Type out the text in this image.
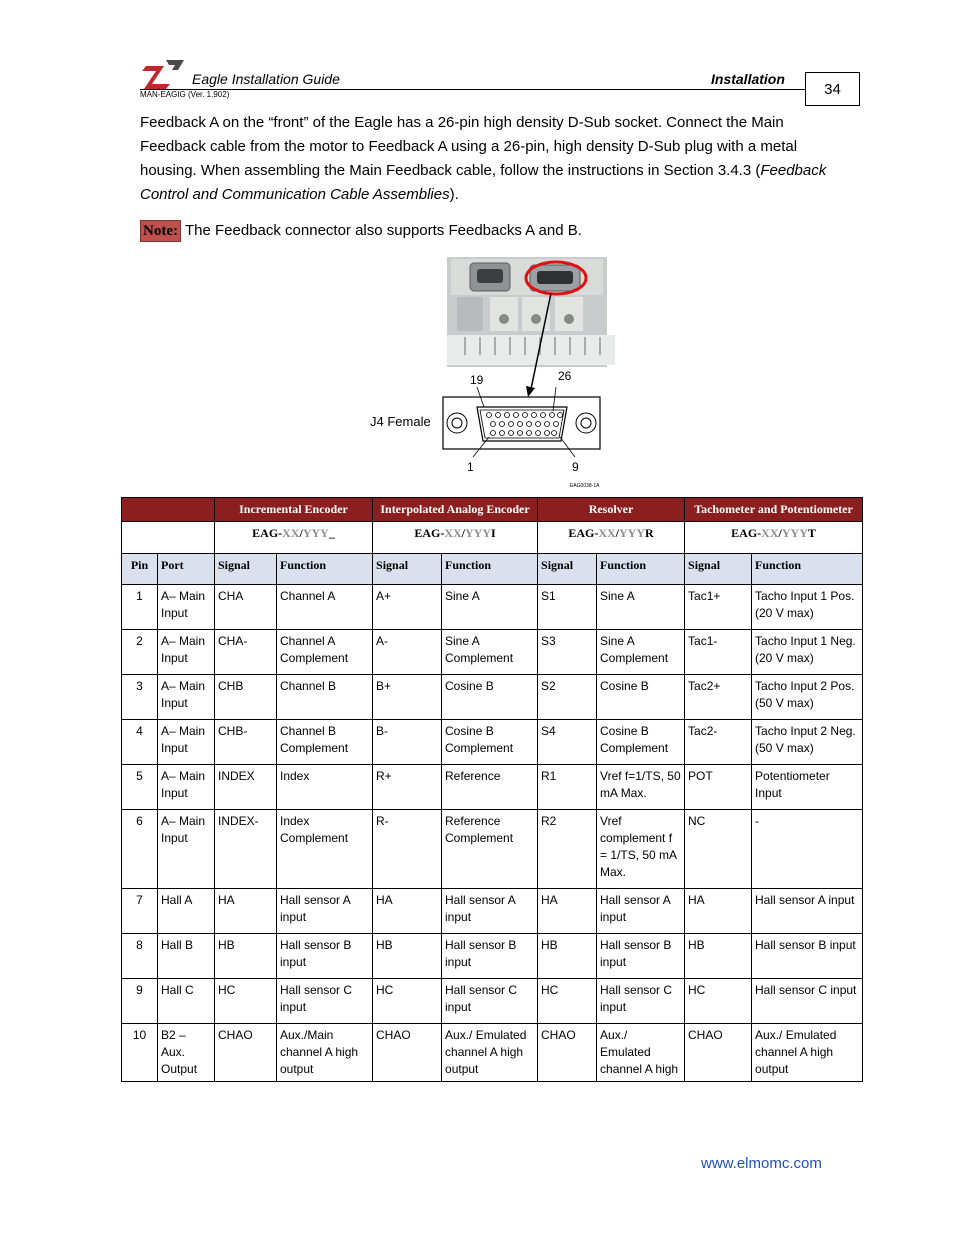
Eagle Installation Guide
MAN-EAGIG (Ver. 1.902)
Installation
34
Feedback A on the “front” of the Eagle has a 26-pin high density D-Sub socket. Connect the Main Feedback cable from the motor to Feedback A using a 26-pin, high density D-Sub plug with a metal housing. When assembling the Main Feedback cable, follow the instructions in Section 3.4.3 (Feedback Control and Communication Cable Assemblies).
Note: The Feedback connector also supports Feedbacks A and B.
19	26
J4 Female
1	9
EAG0038-1A
		Incremental Encoder		Interpolated Analog Encoder		Resolver		Tachometer and Potentiometer	
		EAG-XX/YYY_		EAG-XX/YYYI		EAG-XX/YYYR		EAG-XX/YYYT	
Pin	Port	Signal	Function	Signal	Function	Signal	Function	Signal	Function
1	A– Main Input	CHA	Channel A	A+	Sine A	S1	Sine A	Tac1+	Tacho Input 1 Pos. (20 V max)
2	A– Main Input	CHA-	Channel A Complement	A-	Sine A Complement	S3	Sine A Complement	Tac1-	Tacho Input 1 Neg. (20 V max)
3	A– Main Input	CHB	Channel B	B+	Cosine B	S2	Cosine B	Tac2+	Tacho Input 2 Pos. (50 V max)
4	A– Main Input	CHB-	Channel B Complement	B-	Cosine B Complement	S4	Cosine B Complement	Tac2-	Tacho Input 2 Neg. (50 V max)
5	A– Main Input	INDEX	Index	R+	Reference	R1	Vref f=1/TS, 50 mA Max.	POT	Potentiometer Input
6	A– Main Input	INDEX-	Index Complement	R-	Reference Complement	R2	Vref complement f = 1/TS, 50 mA Max.	NC	-
7	Hall A	HA	Hall sensor A input	HA	Hall sensor A input	HA	Hall sensor A input	HA	Hall sensor A input
8	Hall B	HB	Hall sensor B input	HB	Hall sensor B input	HB	Hall sensor B input	HB	Hall sensor B input
9	Hall C	HC	Hall sensor C input	HC	Hall sensor C input	HC	Hall sensor C input	HC	Hall sensor C input
10	B2 – Aux. Output	CHAO	Aux./Main channel A high output	CHAO	Aux./ Emulated channel A high output	CHAO	Aux./ Emulated channel A high	CHAO	Aux./ Emulated channel A high output
www.elmomc.com
